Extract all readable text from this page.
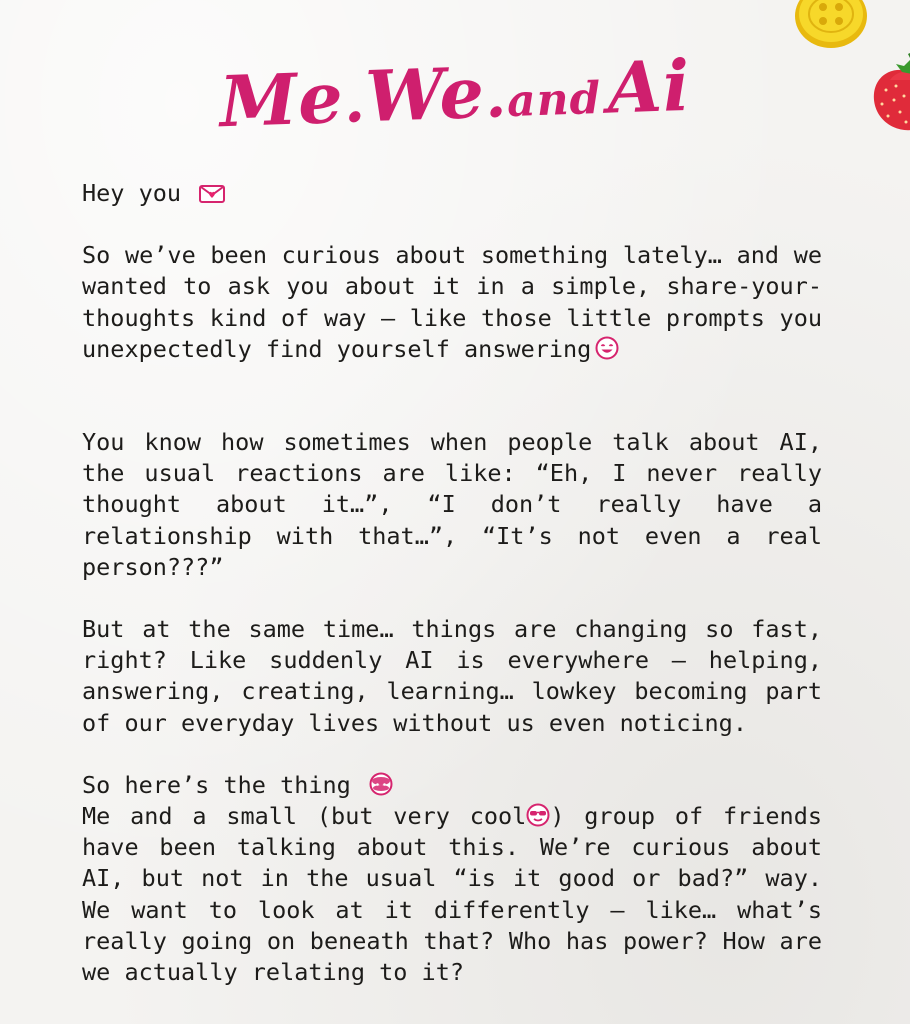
Me.We.and Ai

Hey you

So we’ve been curious about something lately… and we wanted to ask you about it in a simple, share-your-thoughts kind of way – like those little prompts you unexpectedly find yourself answering

You know how sometimes when people talk about AI, the usual reactions are like: “Eh, I never really thought about it…”, “I don’t really have a relationship with that…”, “It’s not even a real person???”

But at the same time… things are changing so fast, right? Like suddenly AI is everywhere – helping, answering, creating, learning… lowkey becoming part of our everyday lives without us even noticing.

So here’s the thing

Me and a small (but very cool ) group of friends have been talking about this. We’re curious about AI, but not in the usual “is it good or bad?” way. We want to look at it differently – like… what’s really going on beneath that? Who has power? How are we actually relating to it?
